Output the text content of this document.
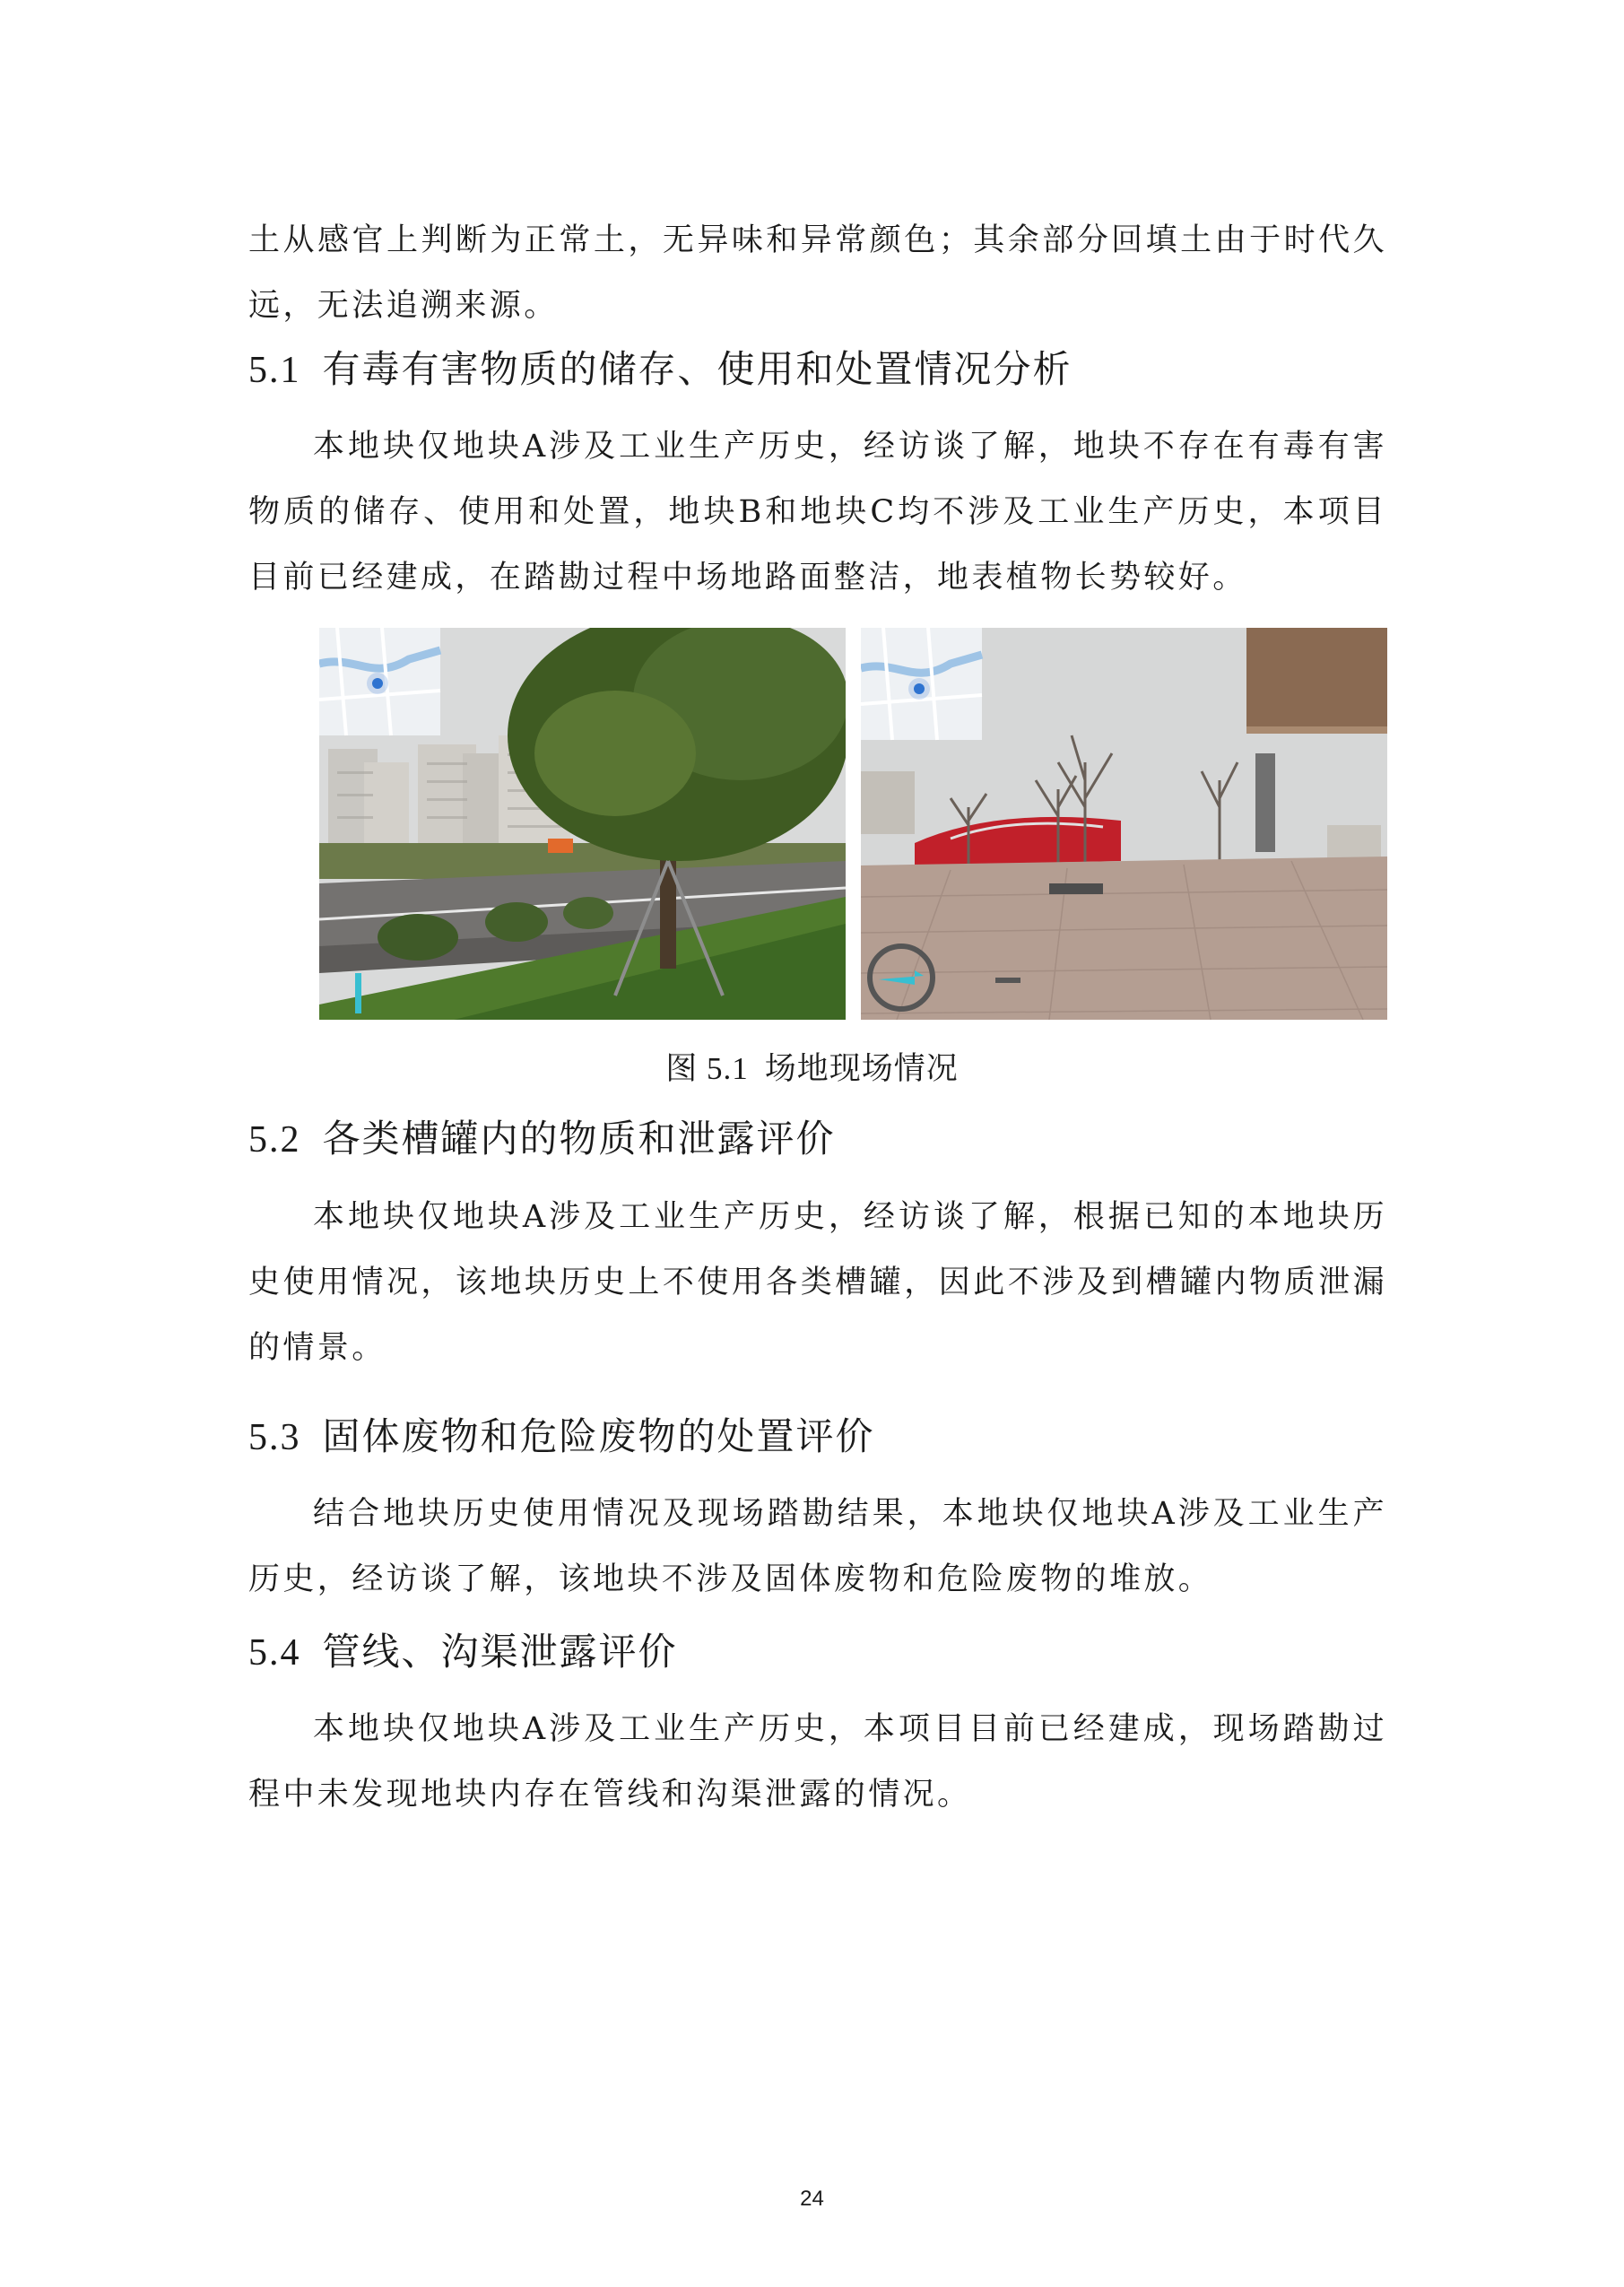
土从感官上判断为正常土，无异味和异常颜色；其余部分回填土由于时代久远，无法追溯来源。

5.1 有毒有害物质的储存、使用和处置情况分析

本地块仅地块A涉及工业生产历史，经访谈了解，地块不存在有毒有害物质的储存、使用和处置，地块B和地块C均不涉及工业生产历史，本项目目前已经建成，在踏勘过程中场地路面整洁，地表植物长势较好。

图 5.1 场地现场情况

5.2 各类槽罐内的物质和泄露评价

本地块仅地块A涉及工业生产历史，经访谈了解，根据已知的本地块历史使用情况，该地块历史上不使用各类槽罐，因此不涉及到槽罐内物质泄漏的情景。

5.3 固体废物和危险废物的处置评价

结合地块历史使用情况及现场踏勘结果，本地块仅地块A涉及工业生产历史，经访谈了解，该地块不涉及固体废物和危险废物的堆放。

5.4 管线、沟渠泄露评价

本地块仅地块A涉及工业生产历史，本项目目前已经建成，现场踏勘过程中未发现地块内存在管线和沟渠泄露的情况。

24
